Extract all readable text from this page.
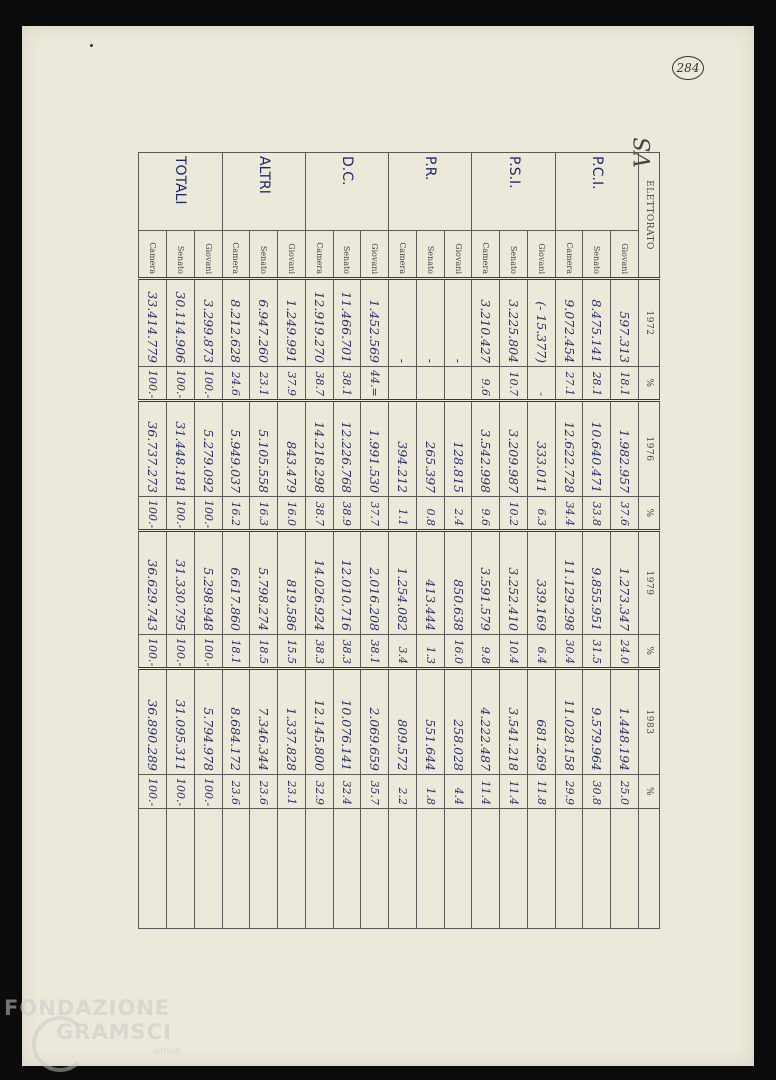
284
VS
ELETTORATO		1972	%	1976	%	1979	%	1983	%	
P.C.I.	Giovani	597.313	18.1	1.982.957	37.6	1.273.347	24.0	1.448.194	25.0	
	Senato	8.475.141	28.1	10.640.471	33.8	9.855.951	31.5	9.579.964	30.8	
	Camera	9.072.454	27.1	12.622.728	34.4	11.129.298	30.4	11.028.158	29.9	
P.S.I.	Giovani	(- 15.377)	-	333.011	6.3	339.169	6.4	681.269	11.8	
	Senato	3.225.804	10.7	3.209.987	10.2	3.252.410	10.4	3.541.218	11.4	
	Camera	3.210.427	9.6	3.542.998	9.6	3.591.579	9.8	4.222.487	11.4	
P.R.	Giovani	-		128.815	2.4	850.638	16.0	258.028	4.4	
	Senato	-		265.397	0.8	413.444	1.3	551.644	1.8	
	Camera	-		394.212	1.1	1.254.082	3.4	809.572	2.2	
D.C.	Giovani	1.452.569	44.=	1.991.530	37.7	2.016.208	38.1	2.069.659	35.7	
	Senato	11.466.701	38.1	12.226.768	38.9	12.010.716	38.3	10.076.141	32.4	
	Camera	12.919.270	38.7	14.218.298	38.7	14.026.924	38.3	12.145.800	32.9	
ALTRI	Giovani	1.249.991	37.9	843.479	16.0	819.586	15.5	1.337.828	23.1	
	Senato	6.947.260	23.1	5.105.558	16.3	5.798.274	18.5	7.346.344	23.6	
	Camera	8.212.628	24.6	5.949.037	16.2	6.617.860	18.1	8.684.172	23.6	
TOTALI	Giovani	3.299.873	100.-	5.279.092	100.-	5.298.948	100.-	5.794.978	100.-	
	Senato	30.114.906	100.-	31.448.181	100.-	31.330.795	100.-	31.095.311	100.-	
	Camera	33.414.779	100.-	36.737.273	100.-	36.629.743	100.-	36.890.289	100.-	
FONDAZIONE
GRAMSCI
onlus
